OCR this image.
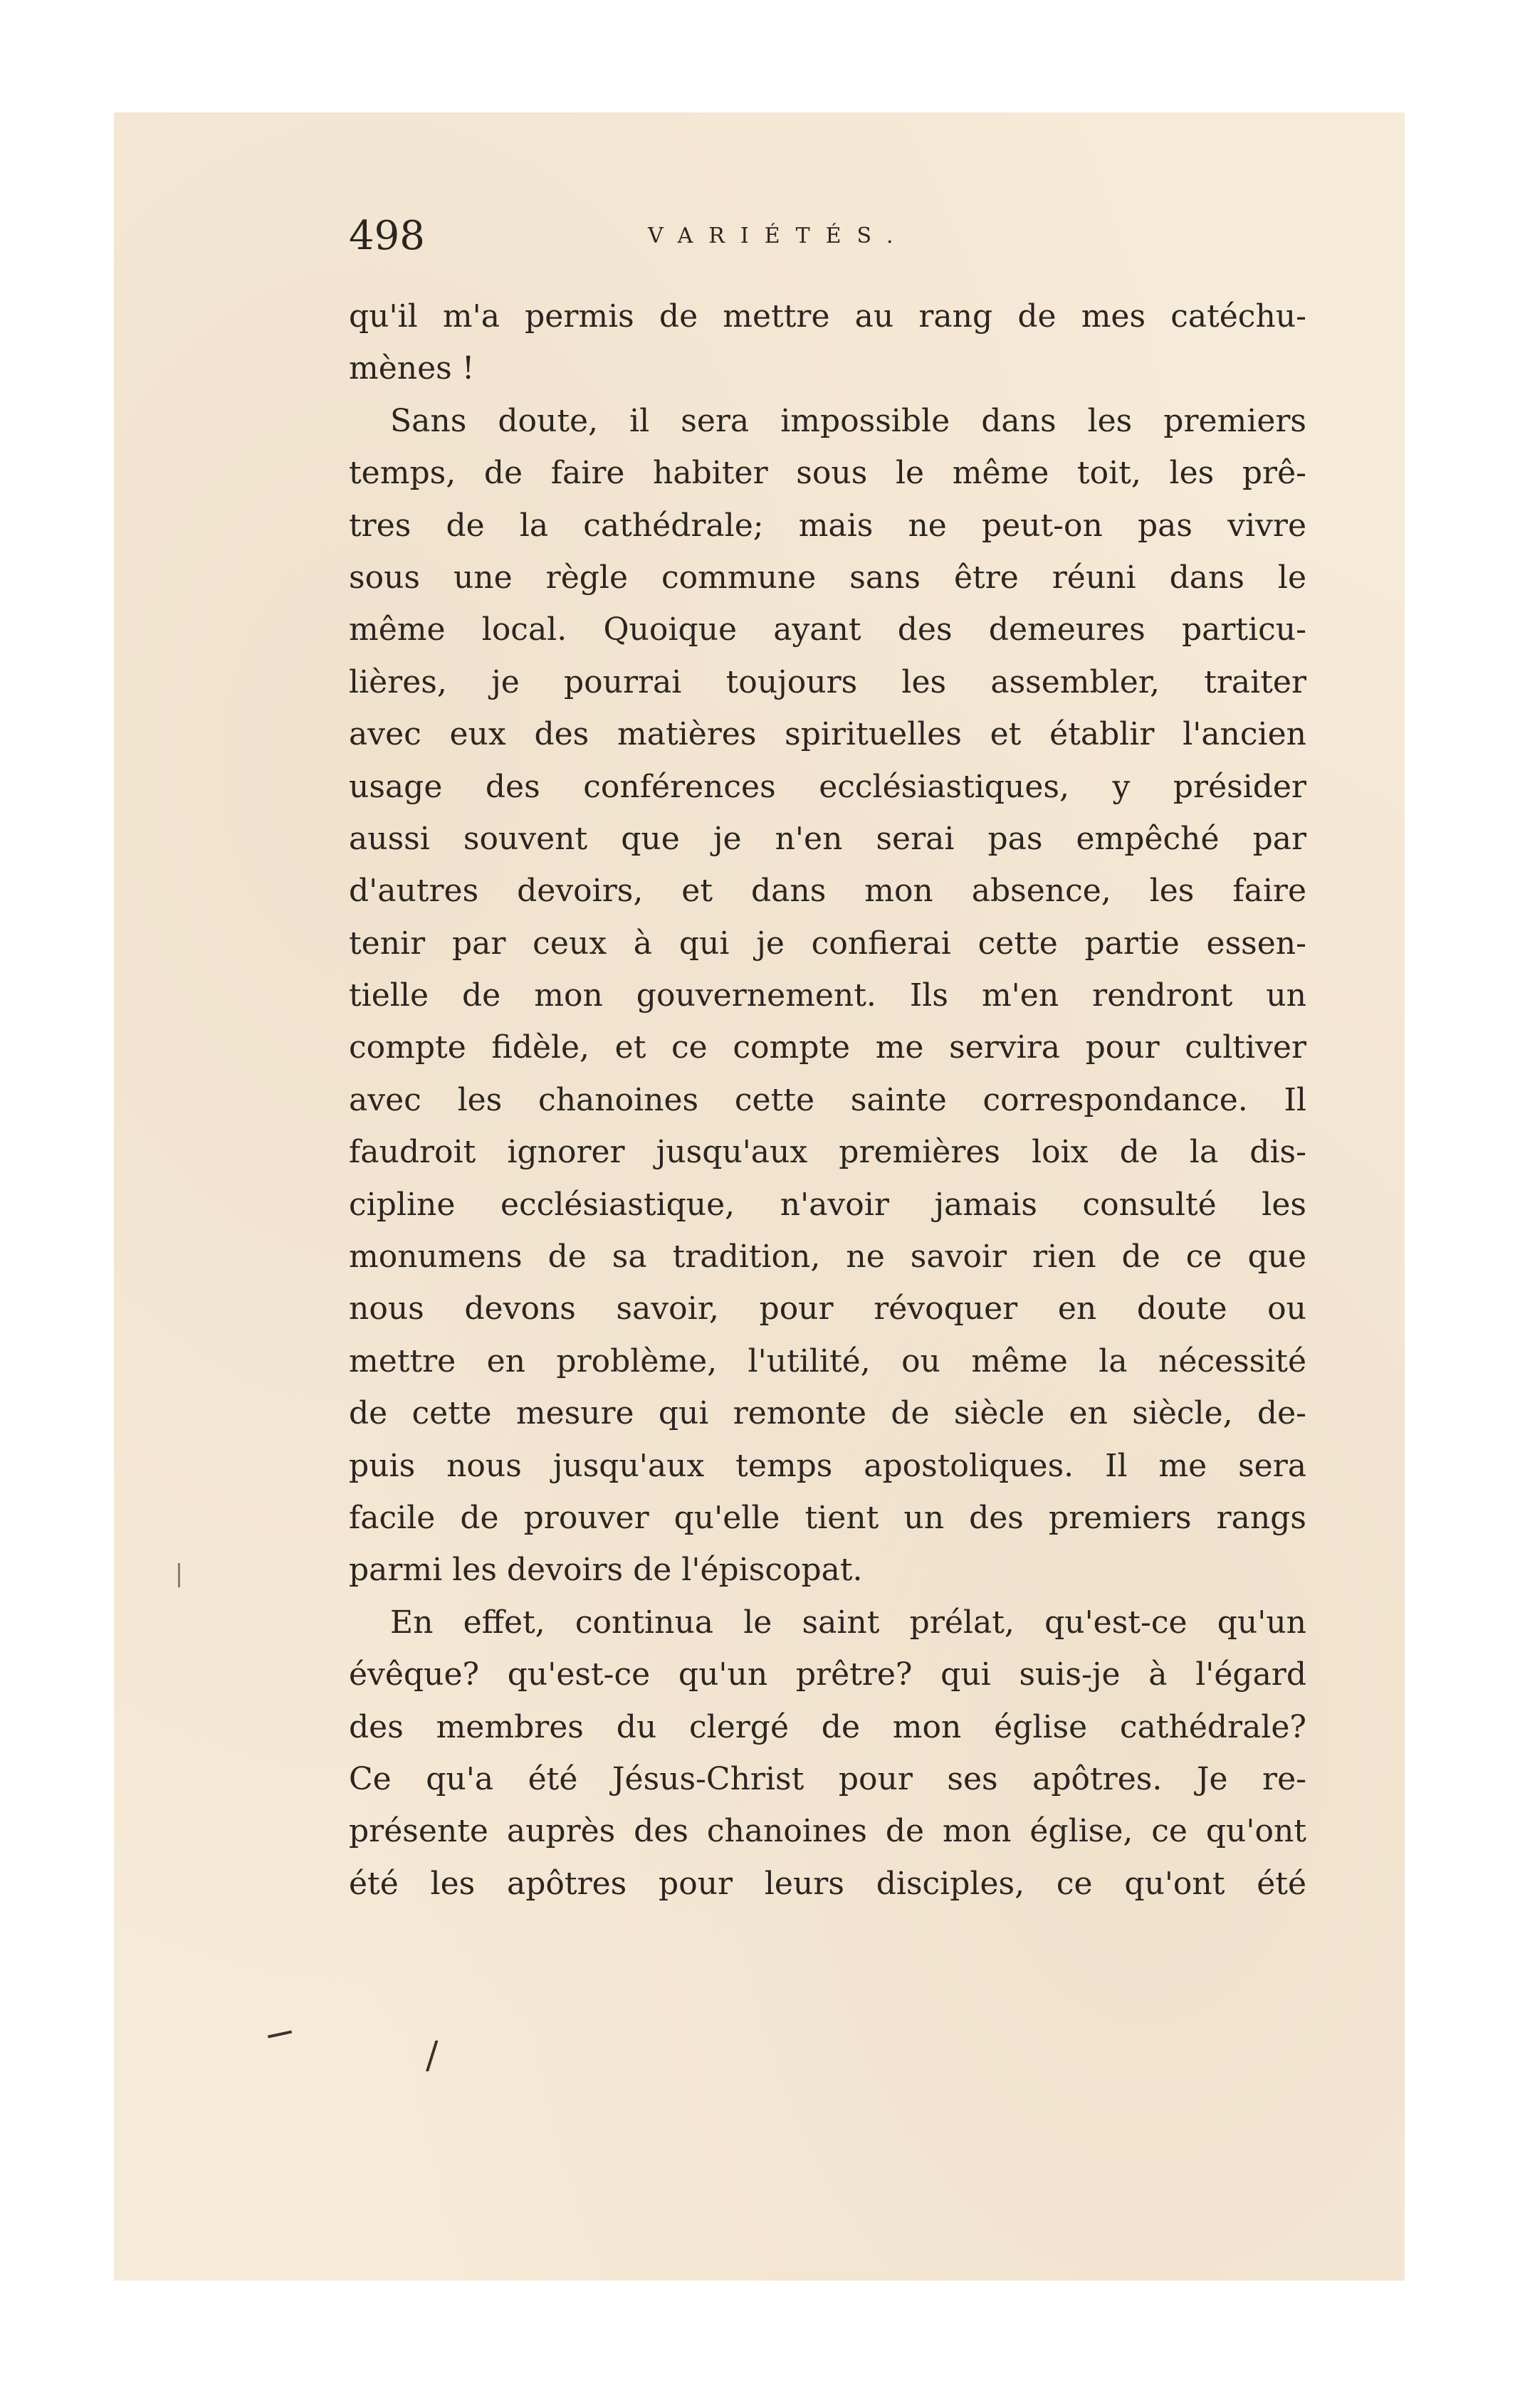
498	VARIÉTÉS.
qu'il m'a permis de mettre au rang de mes catéchu-
mènes !
Sans doute, il sera impossible dans les premiers
temps, de faire habiter sous le même toit, les prê-
tres de la cathédrale; mais ne peut-on pas vivre
sous une règle commune sans être réuni dans le
même local. Quoique ayant des demeures particu-
lières, je pourrai toujours les assembler, traiter
avec eux des matières spirituelles et établir l'ancien
usage des conférences ecclésiastiques, y présider
aussi souvent que je n'en serai pas empêché par
d'autres devoirs, et dans mon absence, les faire
tenir par ceux à qui je confierai cette partie essen-
tielle de mon gouvernement. Ils m'en rendront un
compte fidèle, et ce compte me servira pour cultiver
avec les chanoines cette sainte correspondance. Il
faudroit ignorer jusqu'aux premières loix de la dis-
cipline ecclésiastique, n'avoir jamais consulté les
monumens de sa tradition, ne savoir rien de ce que
nous devons savoir, pour révoquer en doute ou
mettre en problème, l'utilité, ou même la nécessité
de cette mesure qui remonte de siècle en siècle, de-
puis nous jusqu'aux temps apostoliques. Il me sera
facile de prouver qu'elle tient un des premiers rangs
parmi les devoirs de l'épiscopat.
En effet, continua le saint prélat, qu'est-ce qu'un
évêque? qu'est-ce qu'un prêtre? qui suis-je à l'égard
des membres du clergé de mon église cathédrale?
Ce qu'a été Jésus-Christ pour ses apôtres. Je re-
présente auprès des chanoines de mon église, ce qu'ont
été les apôtres pour leurs disciples, ce qu'ont été
/
